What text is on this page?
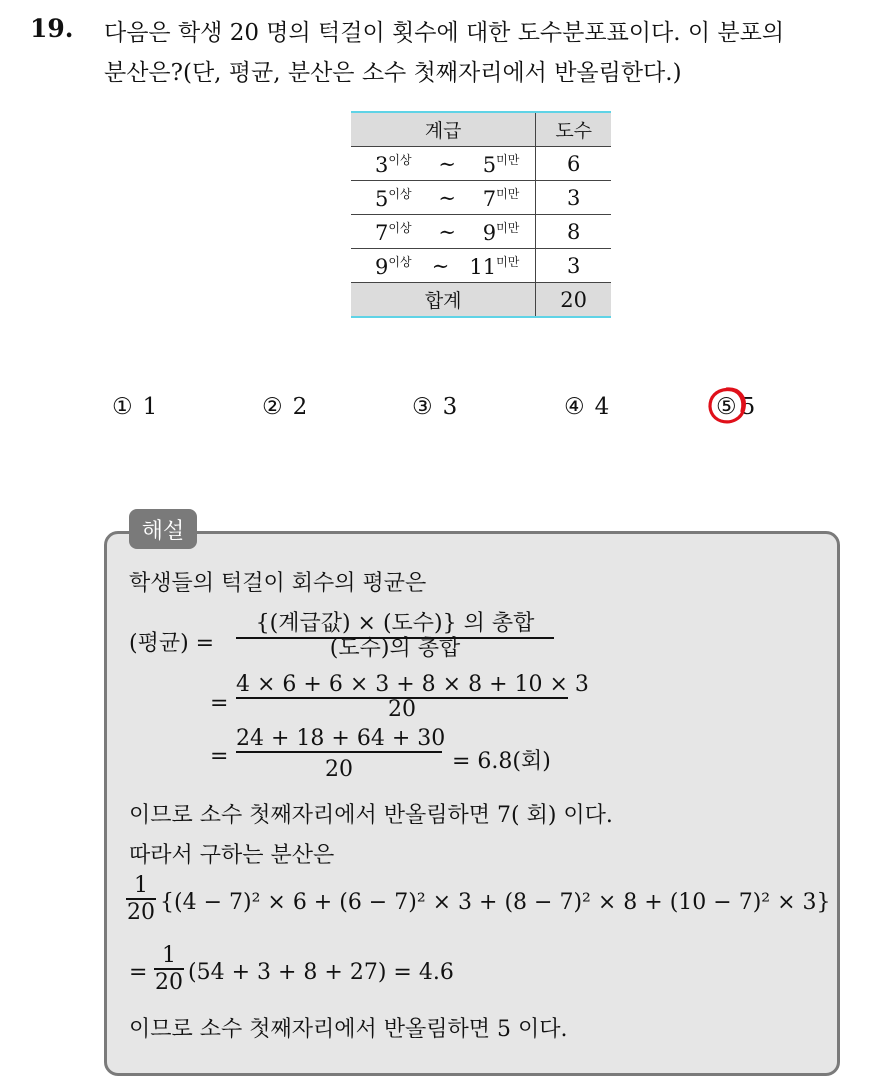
19. 다음은 학생 20 명의 턱걸이 횟수에 대한 도수분포표이다. 이 분포의
분산은?(단, 평균, 분산은 소수 첫째자리에서 반올림한다.)
계급	도수

$3^{이상}$ ∼ $5^{미만}$	6

$5^{이상}$ ∼ $7^{미만}$	3

$7^{이상}$ ∼ $9^{미만}$	8

$9^{이상}$ ∼ $11^{미만}$	3
합계	20
① 1	② 2	③ 3	④ 4	⑤ 5
해설
학생들의 턱걸이 회수의 평균은
(평균) =
{(계급값) × (도수)} 의 총합
(도수)의 총합
=
4 × 6 + 6 × 3 + 8 × 8 + 10 × 3
20
=
24 + 18 + 64 + 30
20	= 6.8(회)
이므로 소수 첫째자리에서 반올림하면 7( 회) 이다.
따라서 구하는 분산은
1
20 {(4 − 7)² × 6 + (6 − 7)² × 3 + (8 − 7)² × 8 + (10 − 7)² × 3}
=
1
20 (54 + 3 + 8 + 27) = 4.6
이므로 소수 첫째자리에서 반올림하면 5 이다.
